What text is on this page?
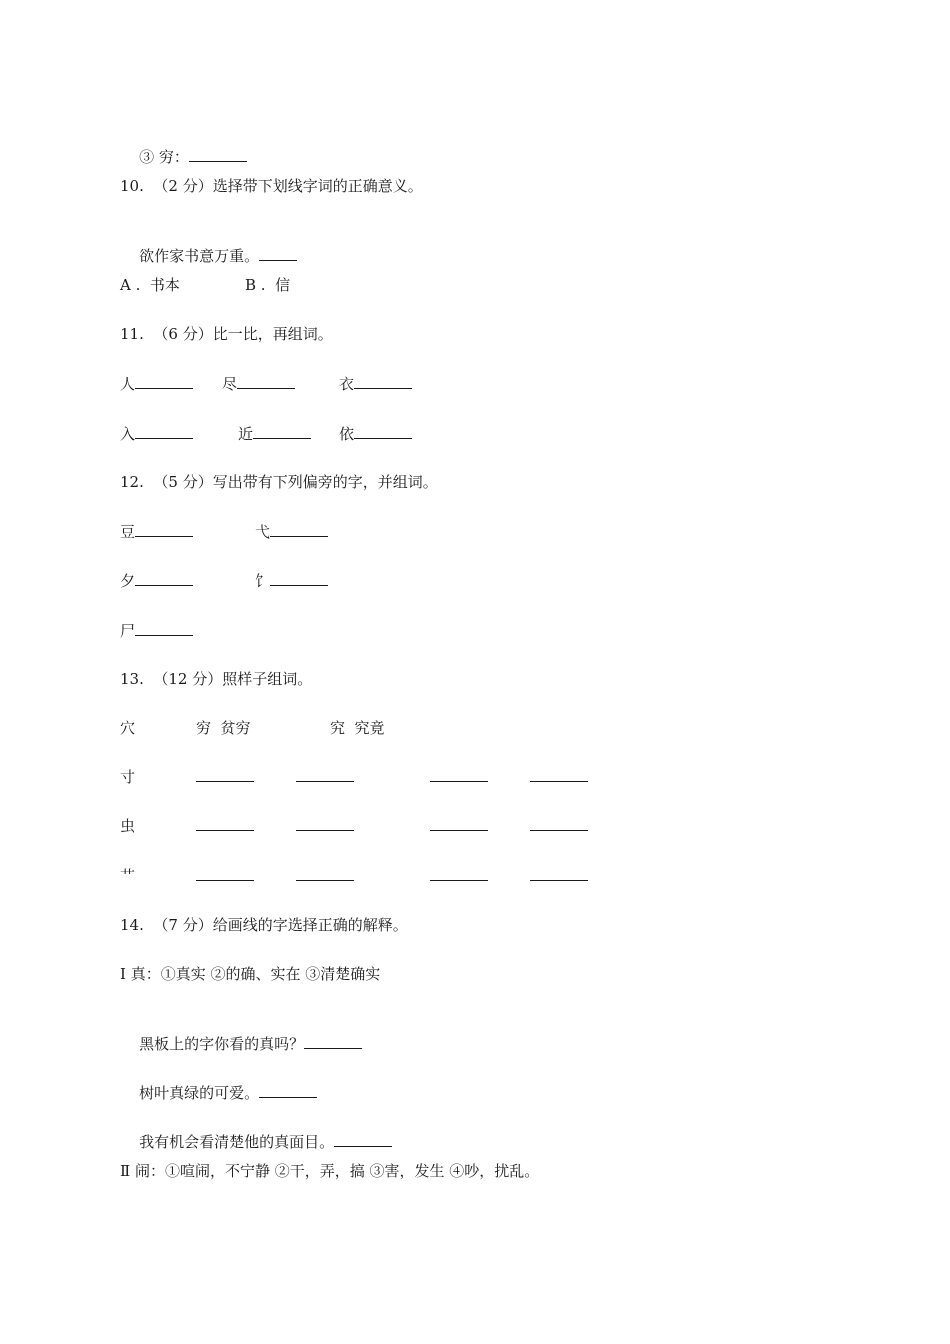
③ 穷：

10.  （2 分）选择带下划线字词的正确意义。

欲作家书意万重。

A .  书本	B .  信
11.  （6 分）比一比，再组词。
人	尽	衣
入	近	依
12.  （5 分）写出带有下列偏旁的字，并组词。
豆	弋
夕	饣
尸
13.  （12 分）照样子组词。
穴	穷  贫穷	究  究竟
寸
虫
艹
14.  （7 分）给画线的字选择正确的解释。
Ⅰ 真：①真实 ②的确、实在 ③清楚确实

黑板上的字你看的真吗？

树叶真绿的可爱。

我有机会看清楚他的真面目。

Ⅱ 闹：①喧闹，不宁静 ②干，弄，搞 ③害，发生 ④吵，扰乱。
